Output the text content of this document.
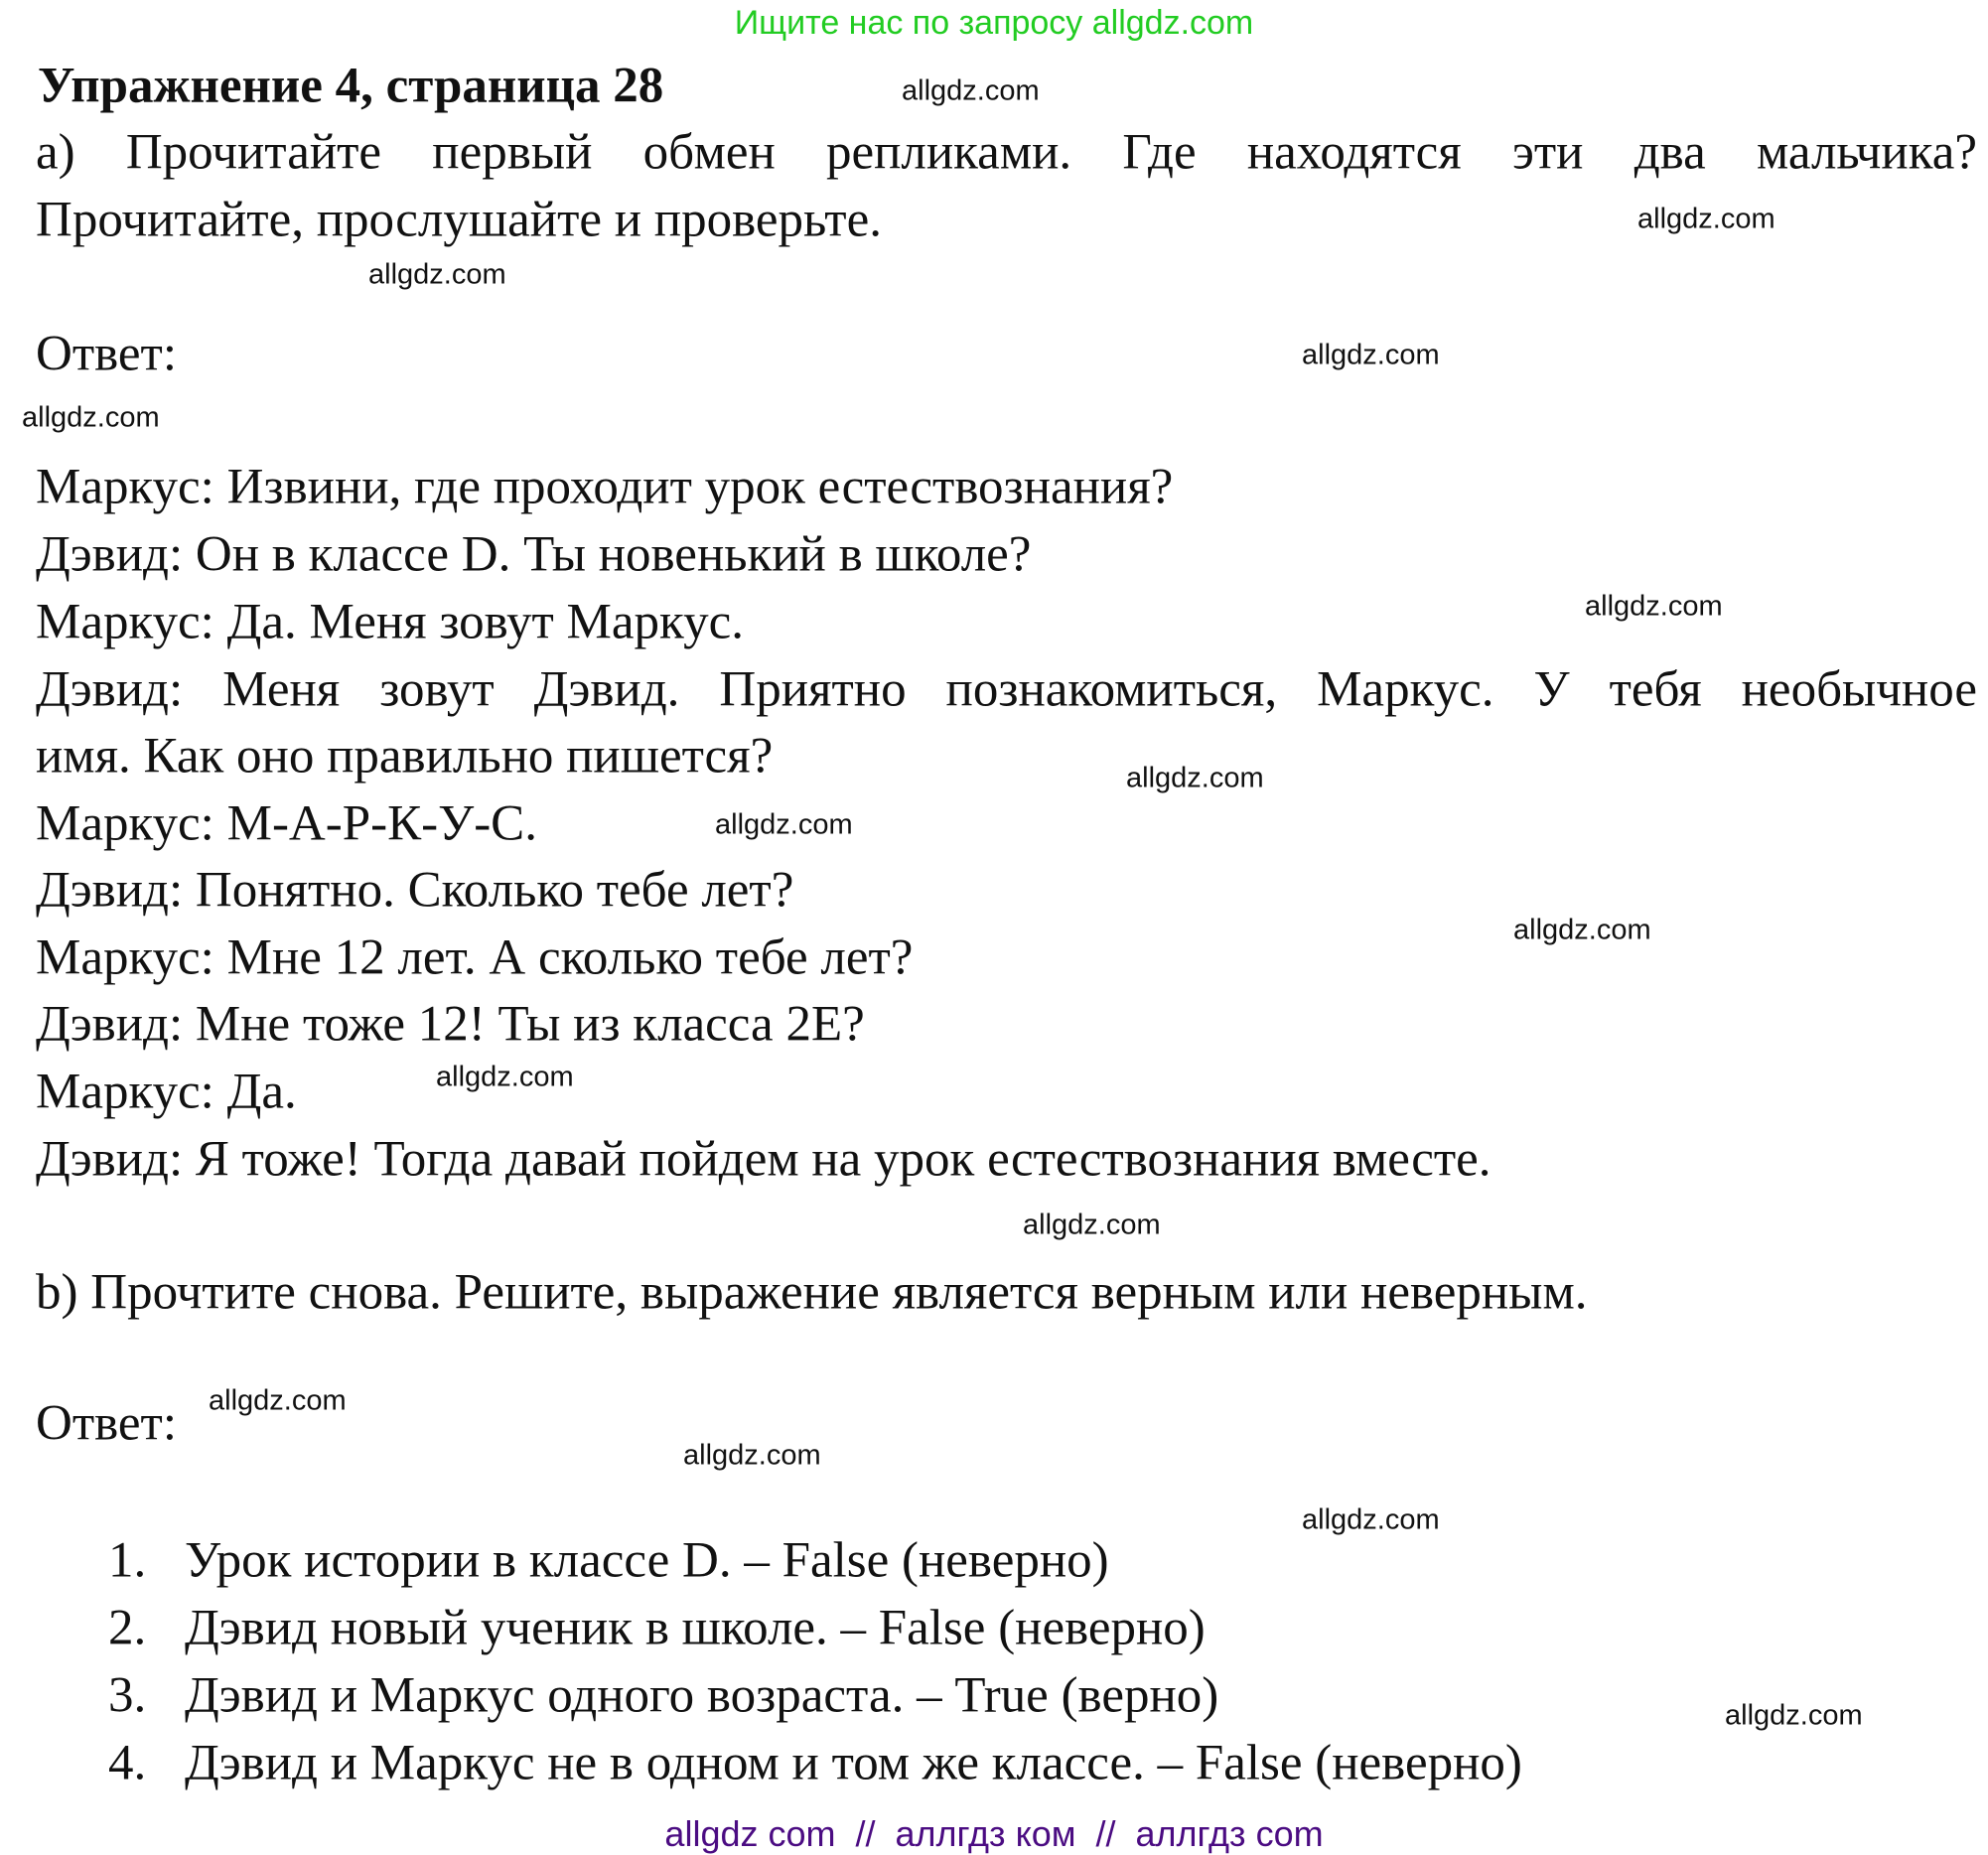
Ищите нас по запросу allgdz.com
Упражнение 4, страница 28
а) Прочитайте первый обмен репликами. Где находятся эти два мальчика?
Прочитайте, прослушайте и проверьте.
Ответ:
Маркус: Извини, где проходит урок естествознания?
Дэвид: Он в классе D. Ты новенький в школе?
Маркус: Да. Меня зовут Маркус.
Дэвид: Меня зовут Дэвид. Приятно познакомиться, Маркус. У тебя необычное
имя. Как оно правильно пишется?
Маркус: М-А-Р-К-У-С.
Дэвид: Понятно. Сколько тебе лет?
Маркус: Мне 12 лет. А сколько тебе лет?
Дэвид: Мне тоже 12! Ты из класса 2Е?
Маркус: Да.
Дэвид: Я тоже! Тогда давай пойдем на урок естествознания вместе.
b) Прочтите снова. Решите, выражение является верным или неверным.
Ответ:
1. Урок истории в классе D. – False (неверно)
2. Дэвид новый ученик в школе. – False (неверно)
3. Дэвид и Маркус одного возраста. – True (верно)
4. Дэвид и Маркус не в одном и том же классе. – False (неверно)
allgdz.com
allgdz.com
allgdz.com
allgdz.com
allgdz.com
allgdz.com
allgdz.com
allgdz.com
allgdz.com
allgdz.com
allgdz.com
allgdz.com
allgdz.com
allgdz.com
allgdz.com
allgdz com  //  аллгдз ком  //  аллгдз com
